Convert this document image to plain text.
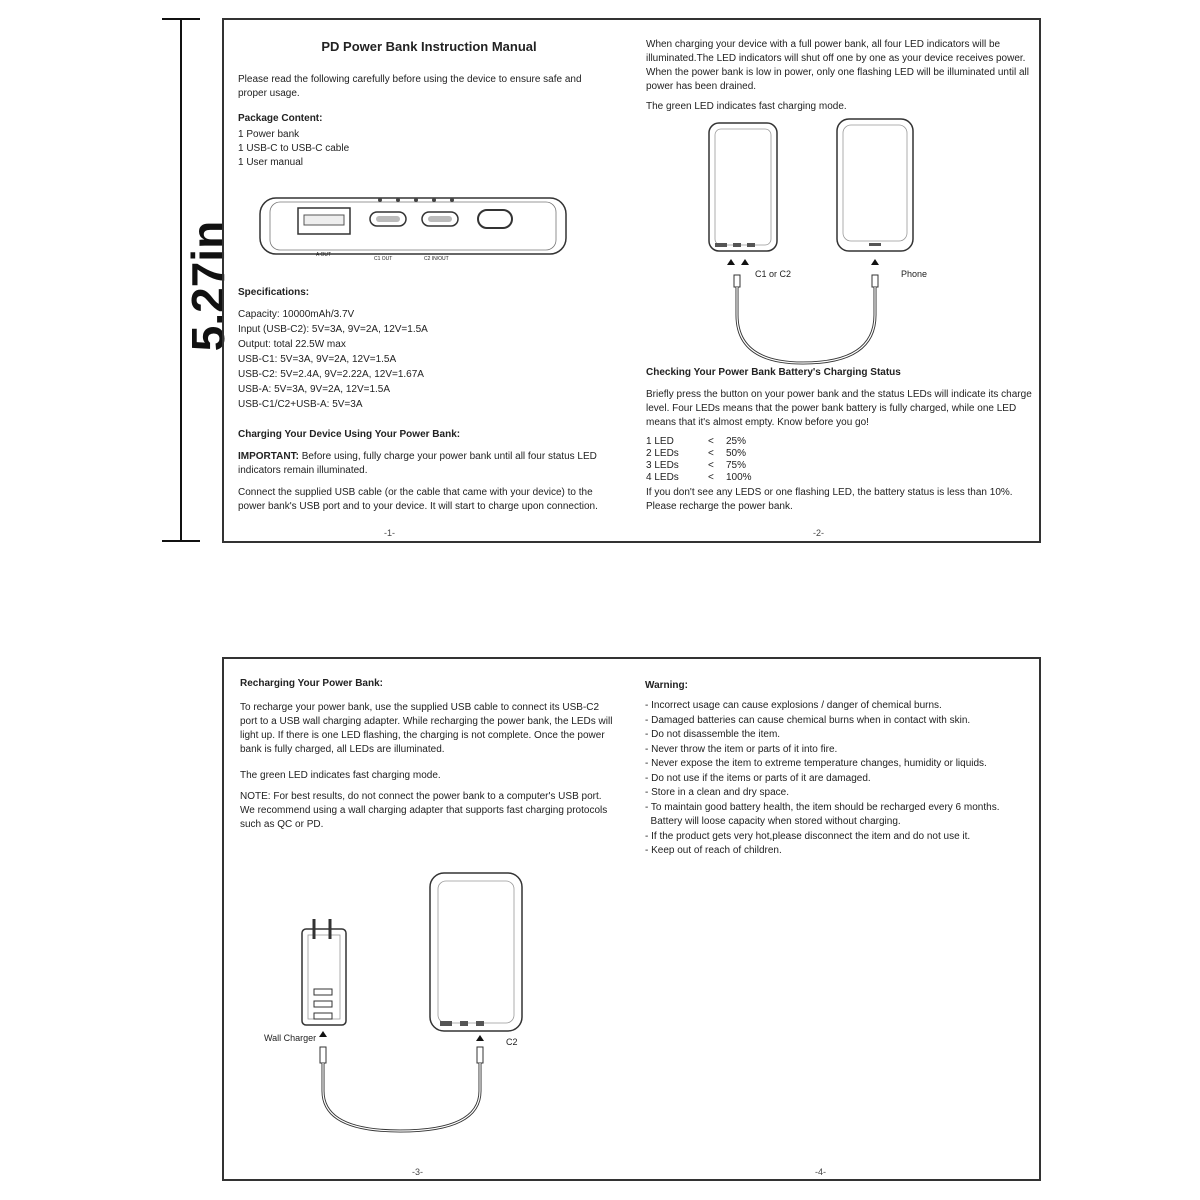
5.27in
PD Power Bank Instruction Manual
Please read the following carefully before using the device to ensure safe and proper usage.
Package Content:
1 Power bank
1 USB-C to USB-C cable
1 User manual
A OUT
C1 OUT	C2 IN/OUT
Specifications:
Capacity: 10000mAh/3.7V
Input (USB-C2): 5V=3A, 9V=2A, 12V=1.5A
Output: total 22.5W max
USB-C1: 5V=3A, 9V=2A, 12V=1.5A
USB-C2: 5V=2.4A, 9V=2.22A, 12V=1.67A
USB-A: 5V=3A, 9V=2A, 12V=1.5A
USB-C1/C2+USB-A: 5V=3A
Charging Your Device Using Your Power Bank:
IMPORTANT: Before using, fully charge your power bank until all four status LED indicators remain illuminated.
Connect the supplied USB cable (or the cable that came with your device) to the power bank's USB port and to your device. It will start to charge upon connection.
-1-
When charging your device with a full power bank, all four LED indicators will be illuminated.The LED indicators will shut off one by one as your device receives power. When the power bank is low in power, only one flashing LED will be illuminated until all power has been drained.
The green LED indicates fast charging mode.
C1 or C2	Phone
Checking Your Power Bank Battery's Charging Status
Briefly press the button on your power bank and the status LEDs will indicate its charge level. Four LEDs means that the power bank battery is fully charged, while one LED means that it's almost empty. Know before you go!
1 LED	<	25%
2 LEDs	<	50%
3 LEDs	<	75%
4 LEDs	<	100%
If you don't see any LEDS or one flashing LED, the battery status is less than 10%. Please recharge the power bank.
-2-
Recharging Your Power Bank:
To recharge your power bank, use the supplied USB cable to connect its USB-C2 port to a USB wall charging adapter. While recharging the power bank, the LEDs will light up. If there is one LED flashing, the charging is not complete. Once the power bank is fully charged, all LEDs are illuminated.
The green LED indicates fast charging mode.
NOTE: For best results, do not connect the power bank to a computer's USB port. We recommend using a wall charging adapter that supports fast charging protocols such as QC or PD.
Wall Charger	C2
-3-
Warning:
- Incorrect usage can cause explosions / danger of chemical burns.
- Damaged batteries can cause chemical burns when in contact with skin.
- Do not disassemble the item.
- Never throw the item or parts of it into fire.
- Never expose the item to extreme temperature changes, humidity or liquids.
- Do not use if the items or parts of it are damaged.
- Store in a clean and dry space.
- To maintain good battery health, the item should be recharged every 6 months.
Battery will loose capacity when stored without charging.
- If the product gets very hot,please disconnect the item and do not use it.
- Keep out of reach of children.
-4-
